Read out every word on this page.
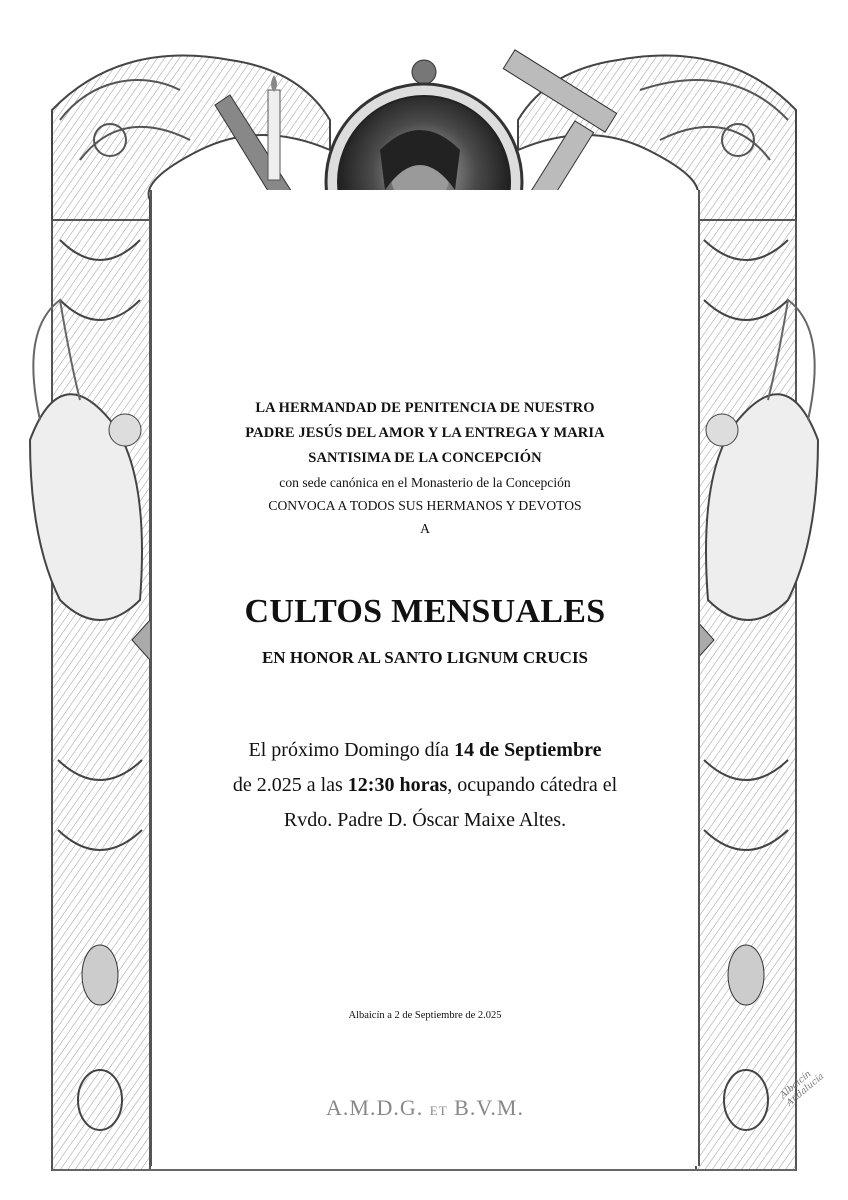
LA HERMANDAD DE PENITENCIA DE NUESTRO
PADRE JESÚS DEL AMOR Y LA ENTREGA Y MARIA
SANTISIMA DE LA CONCEPCIÓN
con sede canónica en el Monasterio de la Concepción
CONVOCA A TODOS SUS HERMANOS Y DEVOTOS
A
CULTOS MENSUALES
EN HONOR AL SANTO LIGNUM CRUCIS
El próximo Domingo día 14 de Septiembre
de 2.025 a las 12:30 horas, ocupando cátedra el
Rvdo. Padre D. Óscar Maixe Altes.
Albaicín a 2 de Septiembre de 2.025
A.M.D.G. ET B.V.M.
Albaicín Andalucía
